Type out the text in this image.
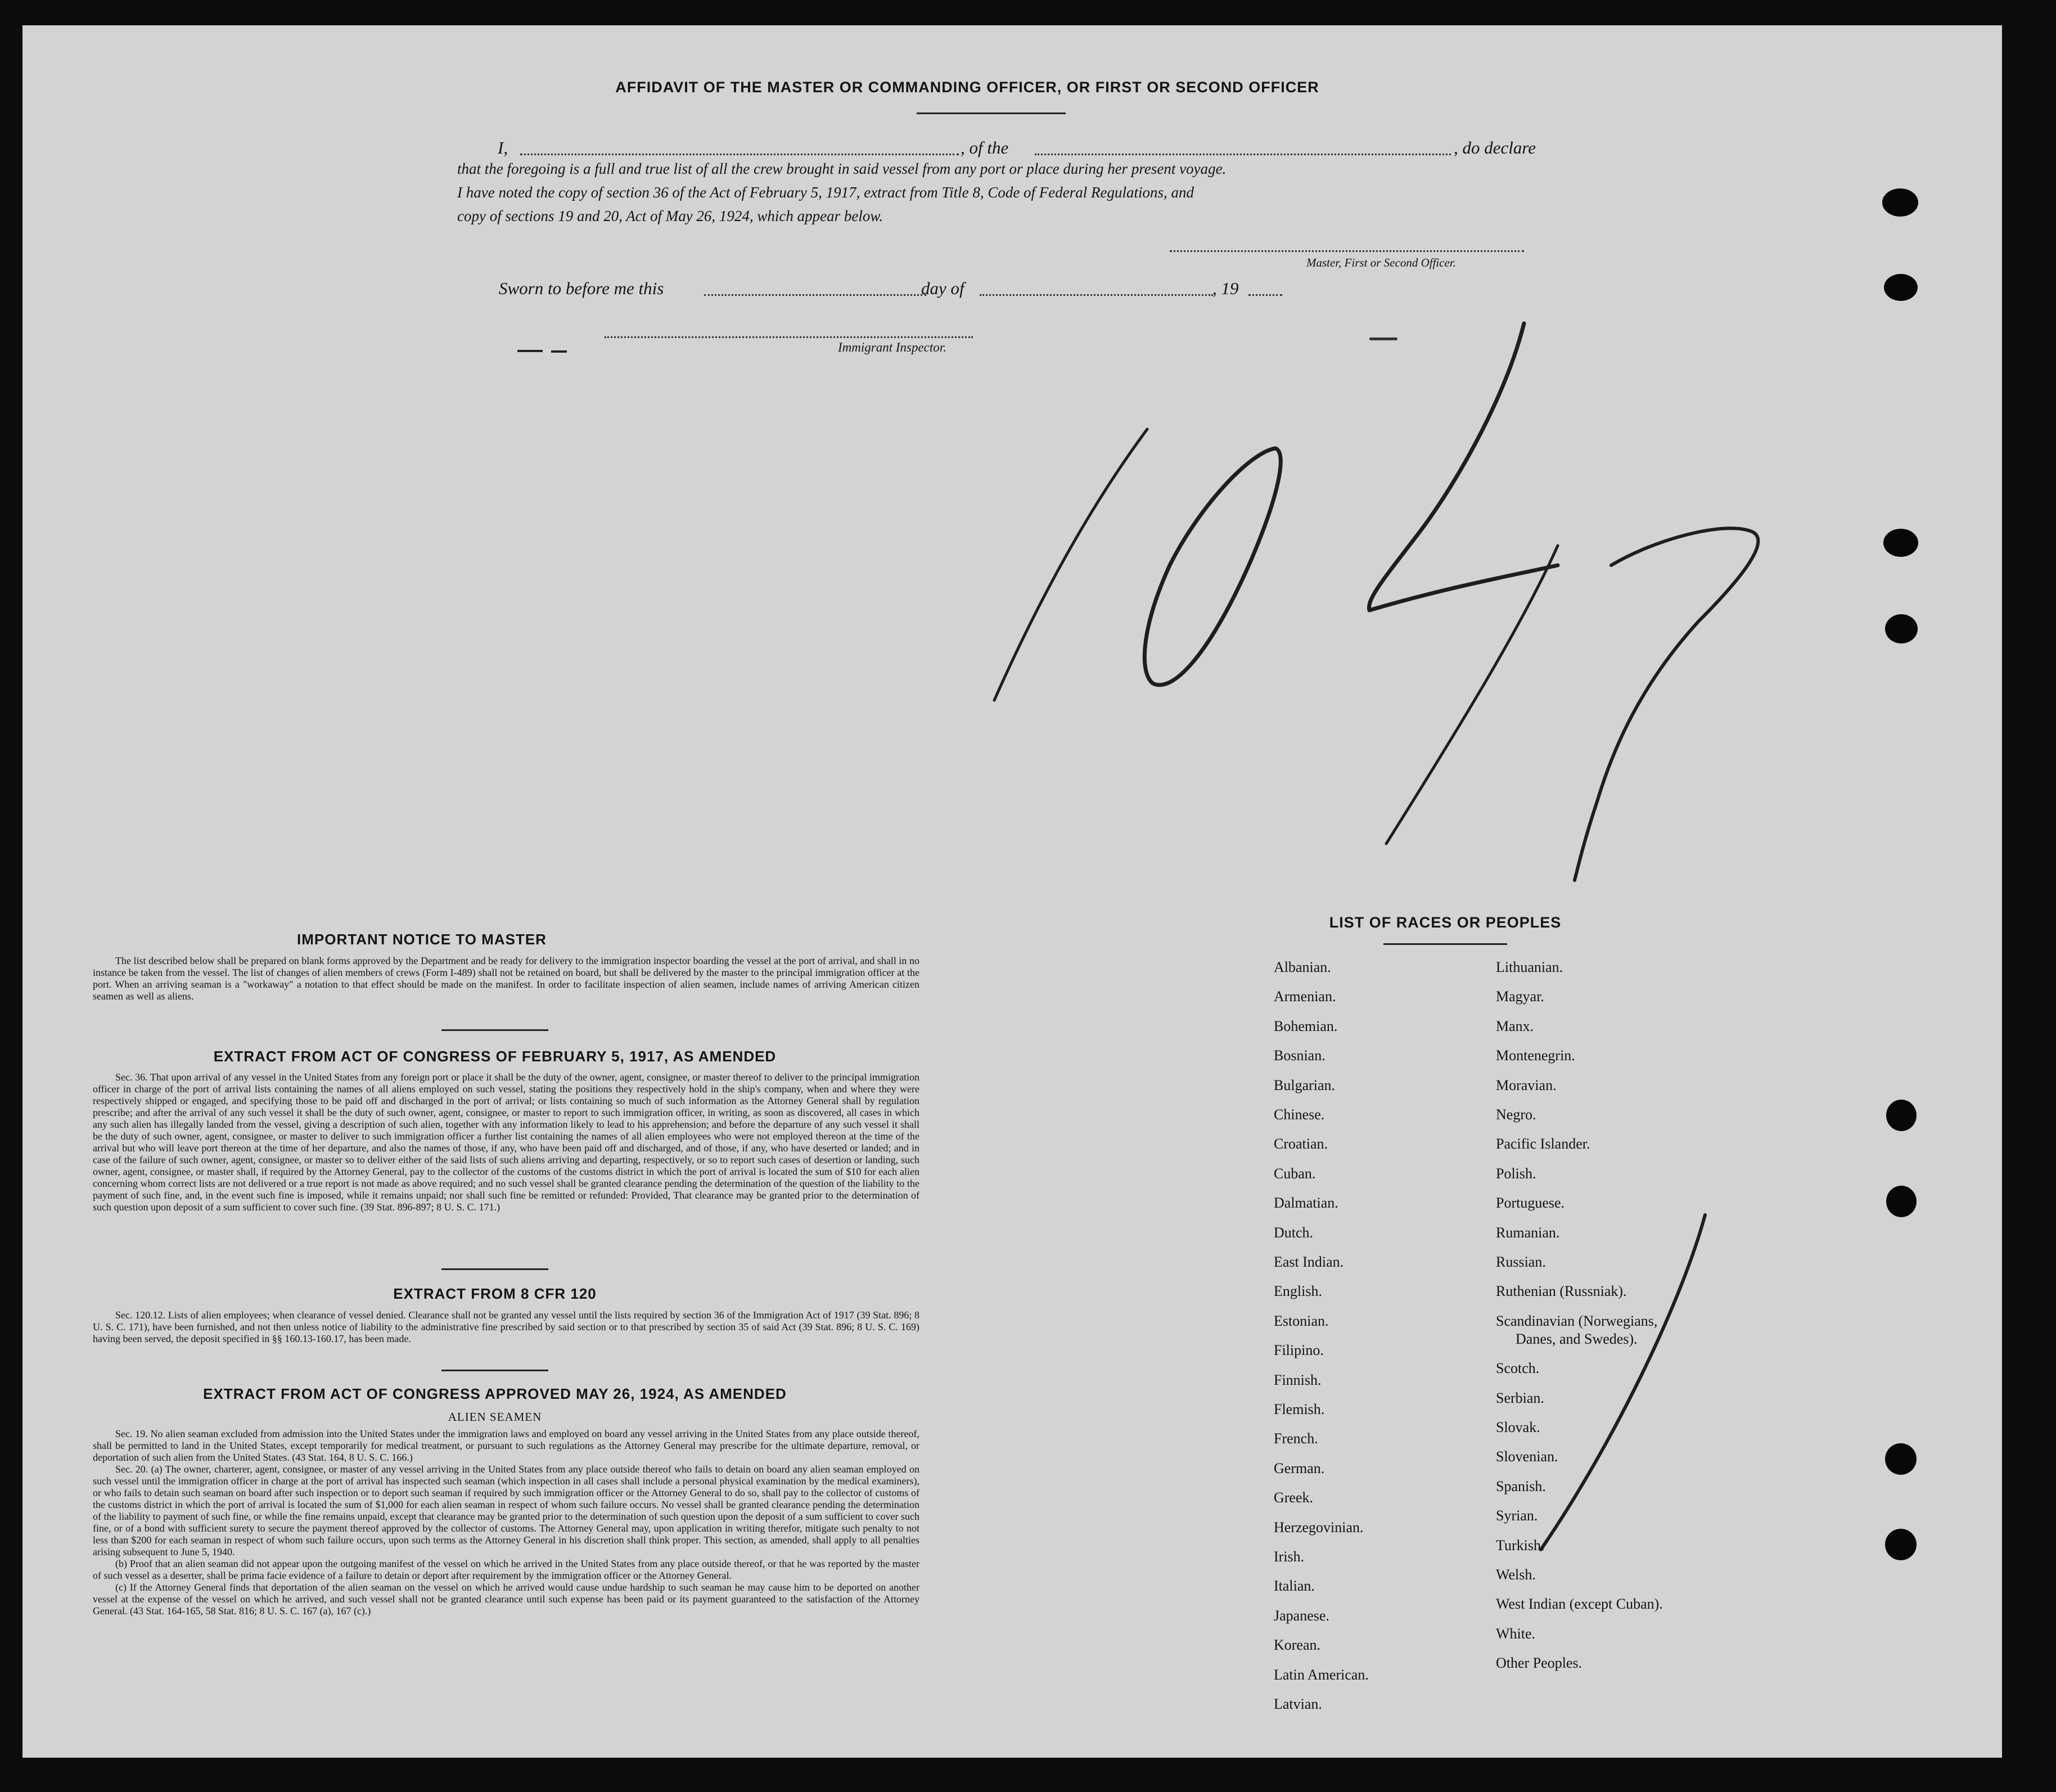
AFFIDAVIT OF THE MASTER OR COMMANDING OFFICER, OR FIRST OR SECOND OFFICER
I,	, of the	, do declare
that the foregoing is a full and true list of all the crew brought in said vessel from any port or place during her present voyage.
I have noted the copy of section 36 of the Act of February 5, 1917, extract from Title 8, Code of Federal Regulations, and
copy of sections 19 and 20, Act of May 26, 1924, which appear below.
Master, First or Second Officer.
Sworn to before me this	day of	, 19
Immigrant Inspector.
IMPORTANT NOTICE TO MASTER

The list described below shall be prepared on blank forms approved by the Department and be ready for delivery to the immigration inspector boarding the vessel at the port of arrival, and shall in no instance be taken from the vessel. The list of changes of alien members of crews (Form I-489) shall not be retained on board, but shall be delivered by the master to the principal immigration officer at the port. When an arriving seaman is a "workaway" a notation to that effect should be made on the manifest. In order to facilitate inspection of alien seamen, include names of arriving American citizen seamen as well as aliens.

EXTRACT FROM ACT OF CONGRESS OF FEBRUARY 5, 1917, AS AMENDED

Sec. 36. That upon arrival of any vessel in the United States from any foreign port or place it shall be the duty of the owner, agent, consignee, or master thereof to deliver to the principal immigration officer in charge of the port of arrival lists containing the names of all aliens employed on such vessel, stating the positions they respectively hold in the ship's company, when and where they were respectively shipped or engaged, and specifying those to be paid off and discharged in the port of arrival; or lists containing so much of such information as the Attorney General shall by regulation prescribe; and after the arrival of any such vessel it shall be the duty of such owner, agent, consignee, or master to report to such immigration officer, in writing, as soon as discovered, all cases in which any such alien has illegally landed from the vessel, giving a description of such alien, together with any information likely to lead to his apprehension; and before the departure of any such vessel it shall be the duty of such owner, agent, consignee, or master to deliver to such immigration officer a further list containing the names of all alien employees who were not employed thereon at the time of the arrival but who will leave port thereon at the time of her departure, and also the names of those, if any, who have been paid off and discharged, and of those, if any, who have deserted or landed; and in case of the failure of such owner, agent, consignee, or master so to deliver either of the said lists of such aliens arriving and departing, respectively, or so to report such cases of desertion or landing, such owner, agent, consignee, or master shall, if required by the Attorney General, pay to the collector of the customs of the customs district in which the port of arrival is located the sum of $10 for each alien concerning whom correct lists are not delivered or a true report is not made as above required; and no such vessel shall be granted clearance pending the determination of the question of the liability to the payment of such fine, and, in the event such fine is imposed, while it remains unpaid; nor shall such fine be remitted or refunded: Provided, That clearance may be granted prior to the determination of such question upon deposit of a sum sufficient to cover such fine. (39 Stat. 896-897; 8 U. S. C. 171.)

EXTRACT FROM 8 CFR 120

Sec. 120.12. Lists of alien employees; when clearance of vessel denied. Clearance shall not be granted any vessel until the lists required by section 36 of the Immigration Act of 1917 (39 Stat. 896; 8 U. S. C. 171), have been furnished, and not then unless notice of liability to the administrative fine prescribed by said section or to that prescribed by section 35 of said Act (39 Stat. 896; 8 U. S. C. 169) having been served, the deposit specified in §§ 160.13-160.17, has been made.

EXTRACT FROM ACT OF CONGRESS APPROVED MAY 26, 1924, AS AMENDED
ALIEN SEAMEN

Sec. 19. No alien seaman excluded from admission into the United States under the immigration laws and employed on board any vessel arriving in the United States from any place outside thereof, shall be permitted to land in the United States, except temporarily for medical treatment, or pursuant to such regulations as the Attorney General may prescribe for the ultimate departure, removal, or deportation of such alien from the United States. (43 Stat. 164, 8 U. S. C. 166.)

Sec. 20. (a) The owner, charterer, agent, consignee, or master of any vessel arriving in the United States from any place outside thereof who fails to detain on board any alien seaman employed on such vessel until the immigration officer in charge at the port of arrival has inspected such seaman (which inspection in all cases shall include a personal physical examination by the medical examiners), or who fails to detain such seaman on board after such inspection or to deport such seaman if required by such immigration officer or the Attorney General to do so, shall pay to the collector of customs of the customs district in which the port of arrival is located the sum of $1,000 for each alien seaman in respect of whom such failure occurs. No vessel shall be granted clearance pending the determination of the liability to payment of such fine, or while the fine remains unpaid, except that clearance may be granted prior to the determination of such question upon the deposit of a sum sufficient to cover such fine, or of a bond with sufficient surety to secure the payment thereof approved by the collector of customs. The Attorney General may, upon application in writing therefor, mitigate such penalty to not less than $200 for each seaman in respect of whom such failure occurs, upon such terms as the Attorney General in his discretion shall think proper. This section, as amended, shall apply to all penalties arising subsequent to June 5, 1940.

(b) Proof that an alien seaman did not appear upon the outgoing manifest of the vessel on which he arrived in the United States from any place outside thereof, or that he was reported by the master of such vessel as a deserter, shall be prima facie evidence of a failure to detain or deport after requirement by the immigration officer or the Attorney General.

(c) If the Attorney General finds that deportation of the alien seaman on the vessel on which he arrived would cause undue hardship to such seaman he may cause him to be deported on another vessel at the expense of the vessel on which he arrived, and such vessel shall not be granted clearance until such expense has been paid or its payment guaranteed to the satisfaction of the Attorney General. (43 Stat. 164-165, 58 Stat. 816; 8 U. S. C. 167 (a), 167 (c).)

LIST OF RACES OR PEOPLES
Albanian.
Armenian.
Bohemian.
Bosnian.
Bulgarian.
Chinese.
Croatian.
Cuban.
Dalmatian.
Dutch.
East Indian.
English.
Estonian.
Filipino.
Finnish.
Flemish.
French.
German.
Greek.
Herzegovinian.
Irish.
Italian.
Japanese.
Korean.
Latin American.
Latvian.
Lithuanian.
Magyar.
Manx.
Montenegrin.
Moravian.
Negro.
Pacific Islander.
Polish.
Portuguese.
Rumanian.
Russian.
Ruthenian (Russniak).
Scandinavian (Norwegians,
Danes, and Swedes).
Scotch.
Serbian.
Slovak.
Slovenian.
Spanish.
Syrian.
Turkish.
Welsh.
West Indian (except Cuban).
White.
Other Peoples.
